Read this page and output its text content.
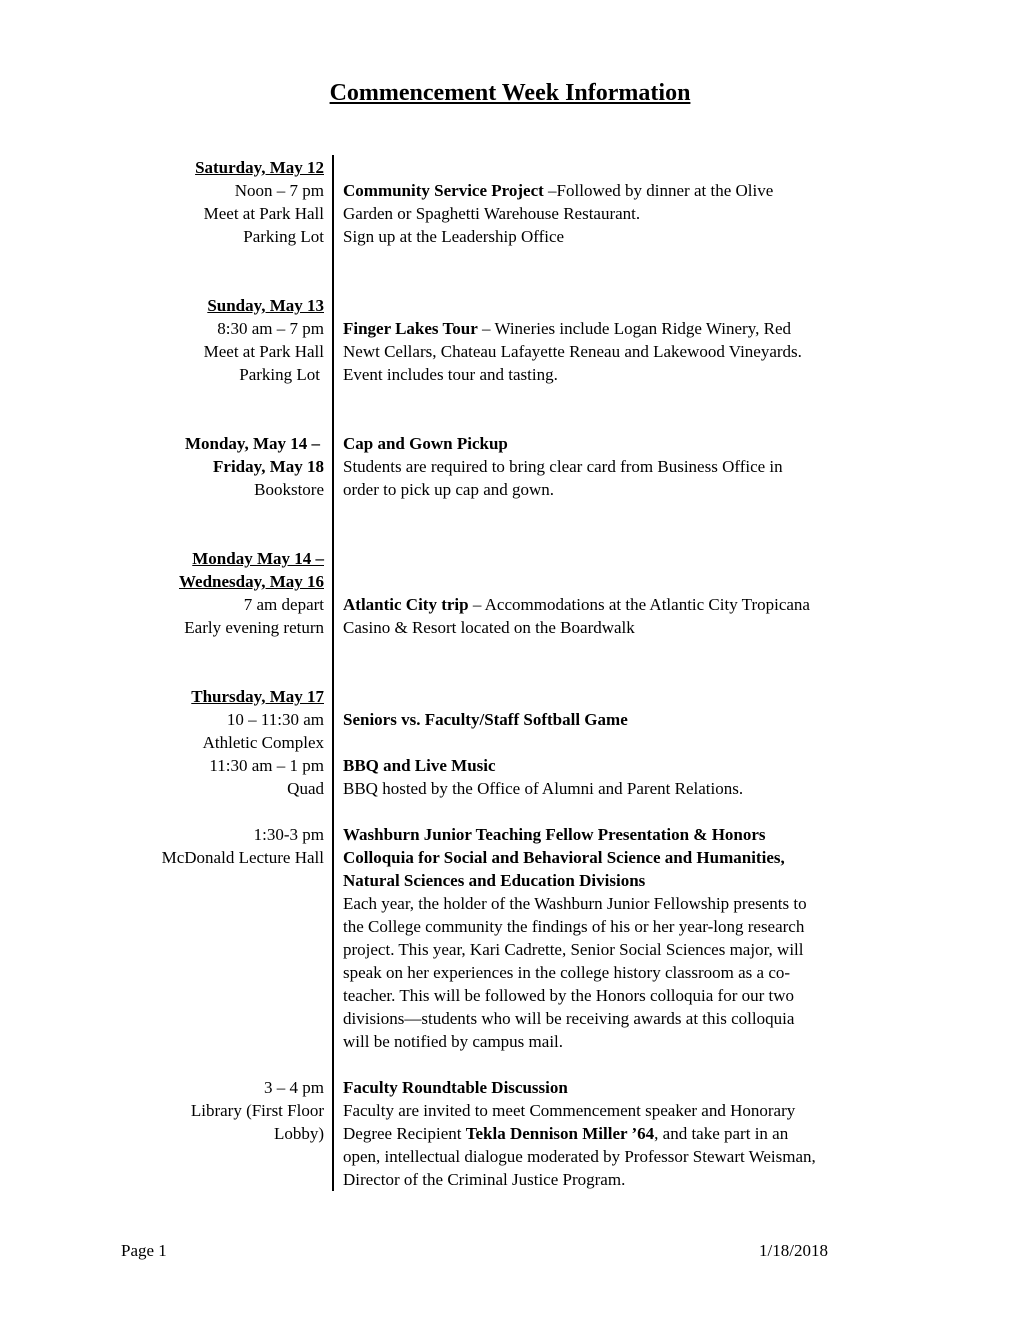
Commencement Week Information
Saturday, May 12
Noon – 7 pm
Meet at Park Hall
Parking Lot
Community Service Project –Followed by dinner at the Olive
Garden or Spaghetti Warehouse Restaurant.
Sign up at the Leadership Office
Sunday, May 13
8:30 am – 7 pm
Meet at Park Hall
Parking Lot
Finger Lakes Tour – Wineries include Logan Ridge Winery, Red
Newt Cellars, Chateau Lafayette Reneau and Lakewood Vineyards.
Event includes tour and tasting.
Monday, May 14 –
Friday, May 18
Bookstore
Cap and Gown Pickup
Students are required to bring clear card from Business Office in
order to pick up cap and gown.
Monday May 14 –
Wednesday, May 16
7 am depart
Early evening return
Atlantic City trip – Accommodations at the Atlantic City Tropicana
Casino & Resort located on the Boardwalk
Thursday, May 17
10 – 11:30 am
Athletic Complex
Seniors vs. Faculty/Staff Softball Game
11:30 am – 1 pm
Quad
BBQ and Live Music
BBQ hosted by the Office of Alumni and Parent Relations.
1:30-3 pm
McDonald Lecture Hall
Washburn Junior Teaching Fellow Presentation & Honors
Colloquia for Social and Behavioral Science and Humanities,
Natural Sciences and Education Divisions
Each year, the holder of the Washburn Junior Fellowship presents to
the College community the findings of his or her year-long research
project. This year, Kari Cadrette, Senior Social Sciences major, will
speak on her experiences in the college history classroom as a co-
teacher. This will be followed by the Honors colloquia for our two
divisions—students who will be receiving awards at this colloquia
will be notified by campus mail.
3 – 4 pm
Library (First Floor
Lobby)
Faculty Roundtable Discussion
Faculty are invited to meet Commencement speaker and Honorary
Degree Recipient Tekla Dennison Miller ’64, and take part in an
open, intellectual dialogue moderated by Professor Stewart Weisman,
Director of the Criminal Justice Program.
Page 1	1/18/2018
